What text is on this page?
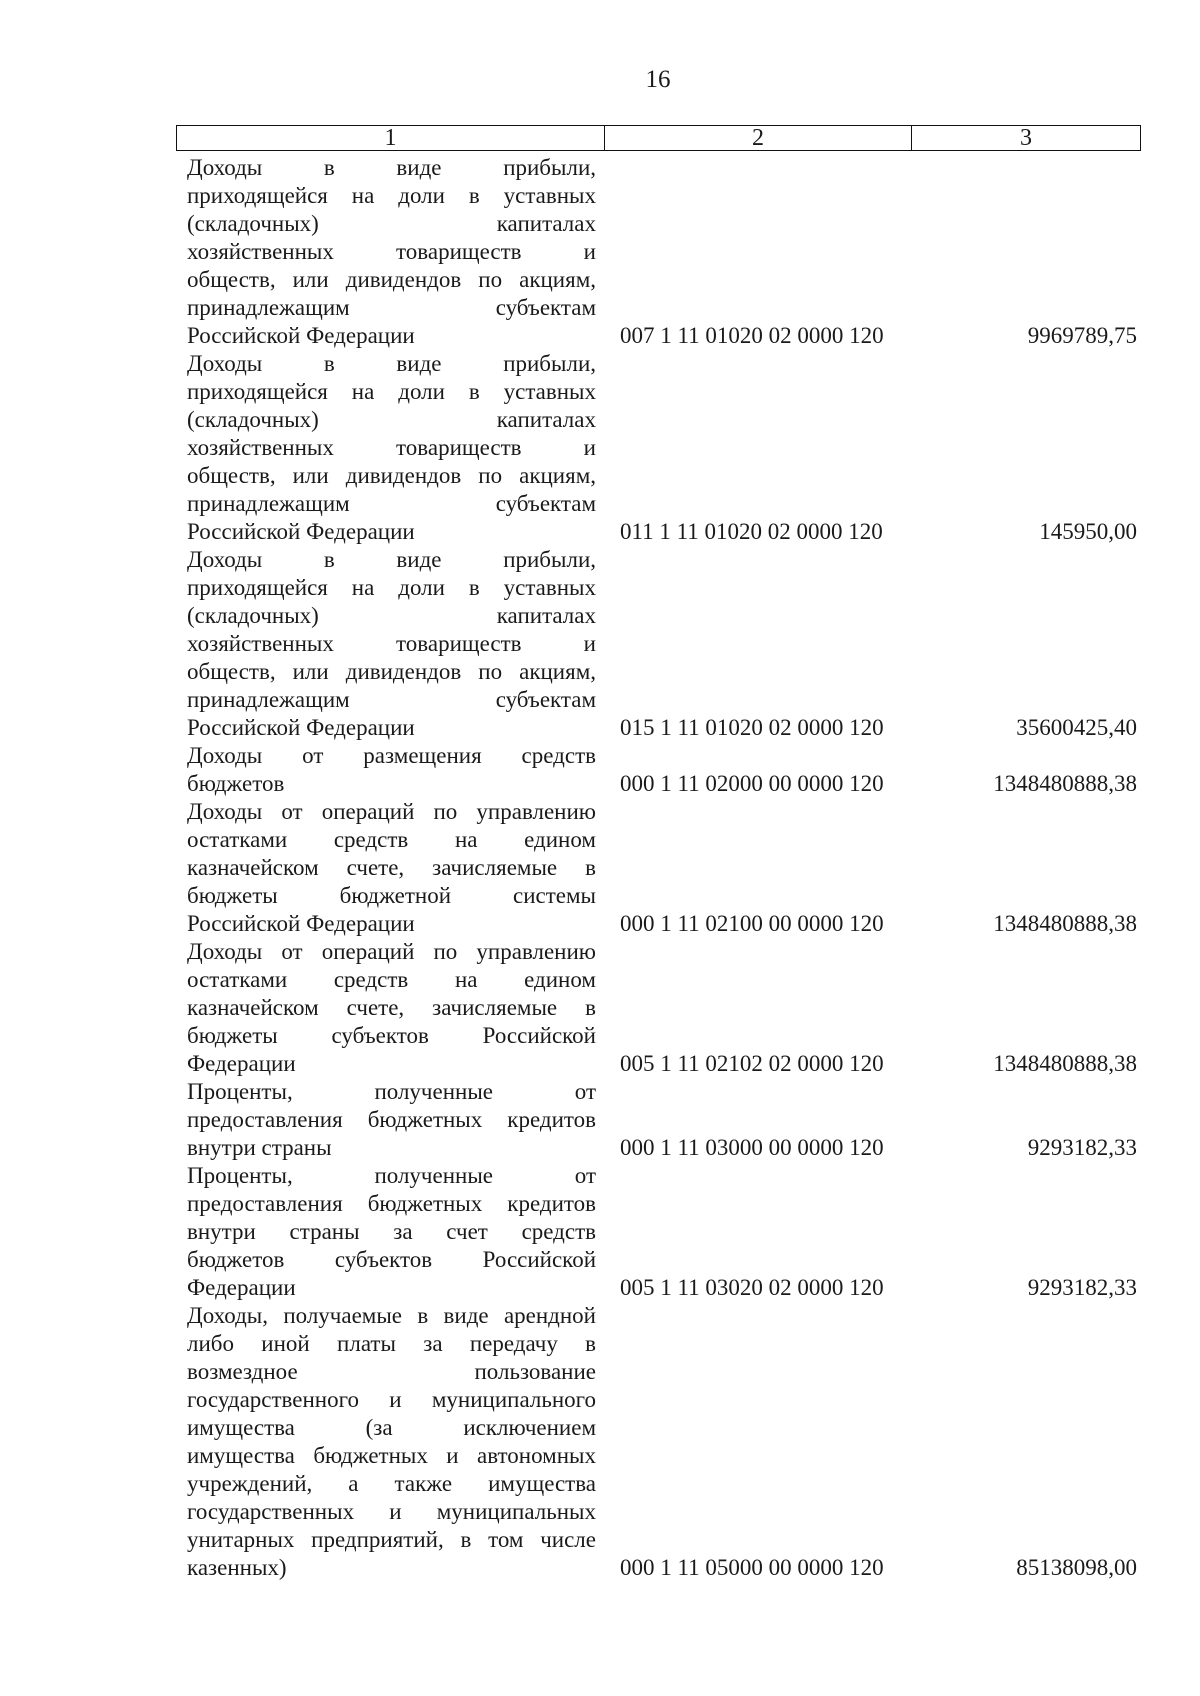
16
1	2	3
Доходы в виде прибыли,
приходящейся на доли в уставных
(складочных) капиталах
хозяйственных товариществ и
обществ, или дивидендов по акциям,
принадлежащим субъектам
Российской Федерации	007 1 11 01020 02 0000 120	9969789,75
Доходы в виде прибыли,
приходящейся на доли в уставных
(складочных) капиталах
хозяйственных товариществ и
обществ, или дивидендов по акциям,
принадлежащим субъектам
Российской Федерации	011 1 11 01020 02 0000 120	145950,00
Доходы в виде прибыли,
приходящейся на доли в уставных
(складочных) капиталах
хозяйственных товариществ и
обществ, или дивидендов по акциям,
принадлежащим субъектам
Российской Федерации	015 1 11 01020 02 0000 120	35600425,40
Доходы от размещения средств
бюджетов	000 1 11 02000 00 0000 120	1348480888,38
Доходы от операций по управлению
остатками средств на едином
казначейском счете, зачисляемые в
бюджеты бюджетной системы
Российской Федерации	000 1 11 02100 00 0000 120	1348480888,38
Доходы от операций по управлению
остатками средств на едином
казначейском счете, зачисляемые в
бюджеты субъектов Российской
Федерации	005 1 11 02102 02 0000 120	1348480888,38
Проценты, полученные от
предоставления бюджетных кредитов
внутри страны	000 1 11 03000 00 0000 120	9293182,33
Проценты, полученные от
предоставления бюджетных кредитов
внутри страны за счет средств
бюджетов субъектов Российской
Федерации	005 1 11 03020 02 0000 120	9293182,33
Доходы, получаемые в виде арендной
либо иной платы за передачу в
возмездное пользование
государственного и муниципального
имущества (за исключением
имущества бюджетных и автономных
учреждений, а также имущества
государственных и муниципальных
унитарных предприятий, в том числе
казенных)	000 1 11 05000 00 0000 120	85138098,00
